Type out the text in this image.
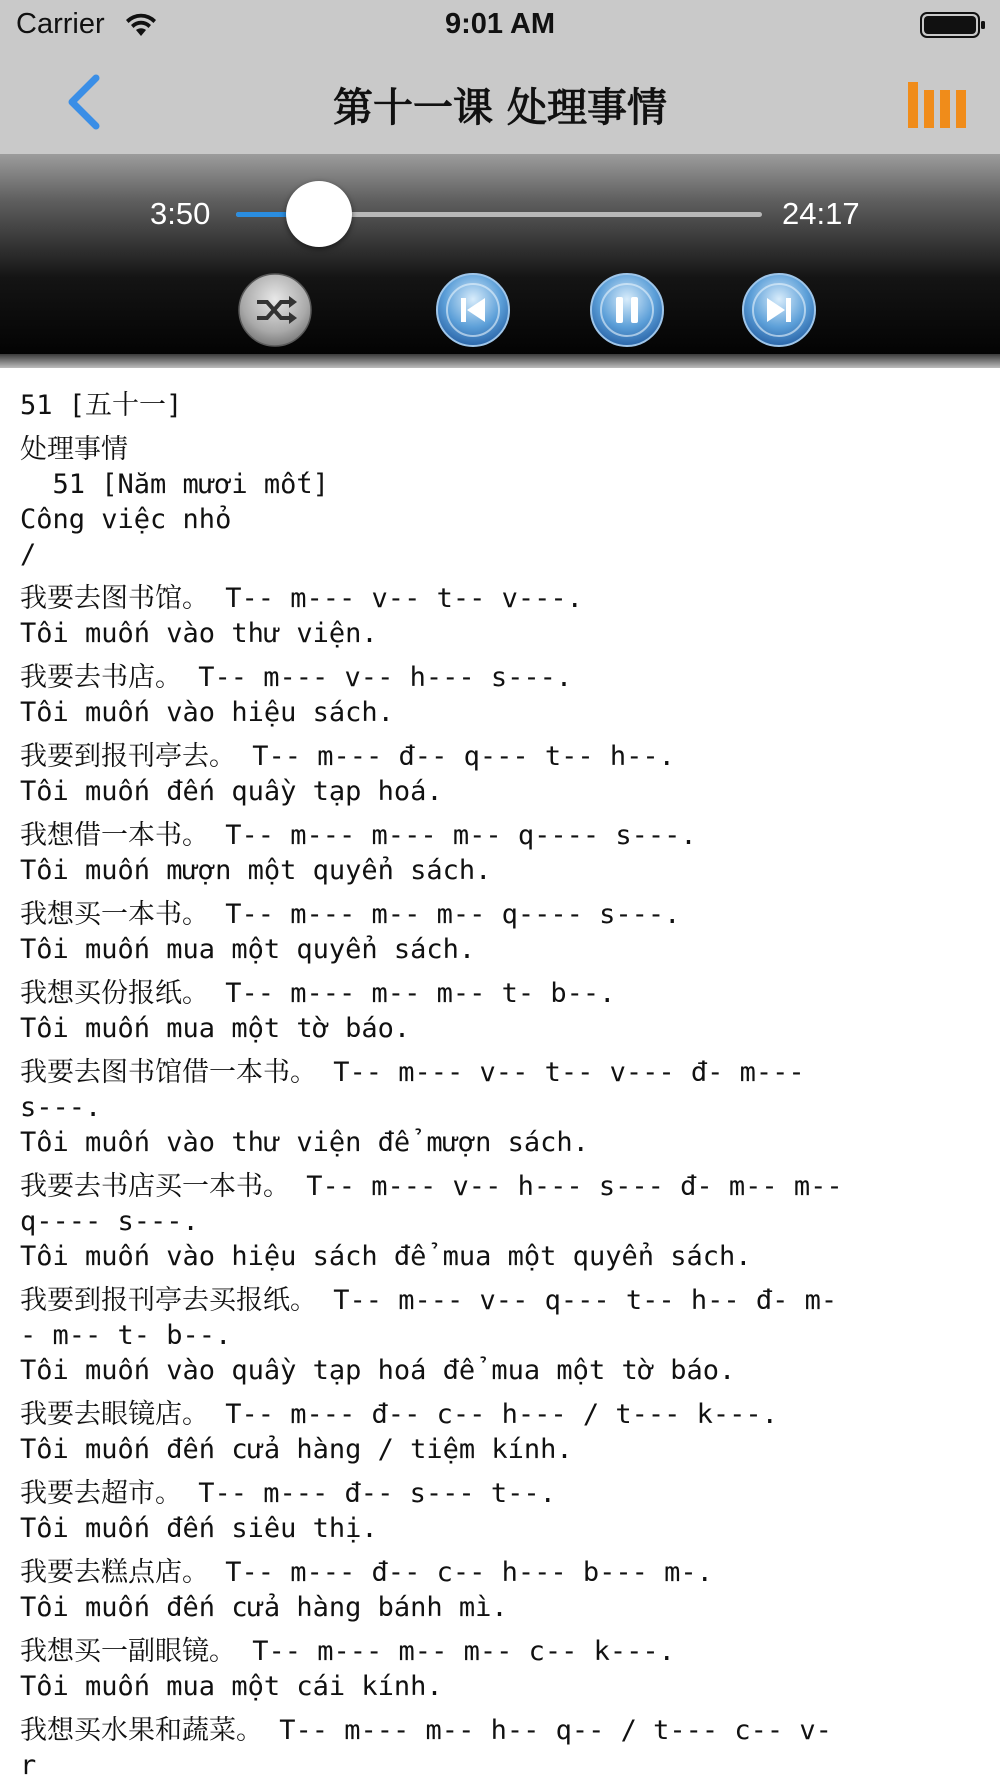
Carrier	9:01 AM
第十一课 处理事情
3:50	24:17
51 [五十一]
处理事情
51 [Năm mươi mốt]
Công việc nhỏ
/
我要去图书馆。 T-- m--- v-- t-- v---.
Tôi muốn vào thư viện.
我要去书店。 T-- m--- v-- h--- s---.
Tôi muốn vào hiệu sách.
我要到报刊亭去。 T-- m--- đ-- q--- t-- h--.
Tôi muốn đến quầy tạp hoá.
我想借一本书。 T-- m--- m--- m-- q---- s---.
Tôi muốn mượn một quyển sách.
我想买一本书。 T-- m--- m-- m-- q---- s---.
Tôi muốn mua một quyển sách.
我想买份报纸。 T-- m--- m-- m-- t- b--.
Tôi muốn mua một tờ báo.
我要去图书馆借一本书。 T-- m--- v-- t-- v--- đ- m---
s---.
Tôi muốn vào thư viện để mượn sách.
我要去书店买一本书。 T-- m--- v-- h--- s--- đ- m-- m--
q---- s---.
Tôi muốn vào hiệu sách để mua một quyển sách.
我要到报刊亭去买报纸。 T-- m--- v-- q--- t-- h-- đ- m-
- m-- t- b--.
Tôi muốn vào quầy tạp hoá để mua một tờ báo.
我要去眼镜店。 T-- m--- đ-- c-- h--- / t--- k---.
Tôi muốn đến cửa hàng / tiệm kính.
我要去超市。 T-- m--- đ-- s--- t--.
Tôi muốn đến siêu thị.
我要去糕点店。 T-- m--- đ-- c-- h--- b--- m-.
Tôi muốn đến cửa hàng bánh mì.
我想买一副眼镜。 T-- m--- m-- m-- c-- k---.
Tôi muốn mua một cái kính.
我想买水果和蔬菜。 T-- m--- m-- h-- q-- / t--- c-- v-
r
